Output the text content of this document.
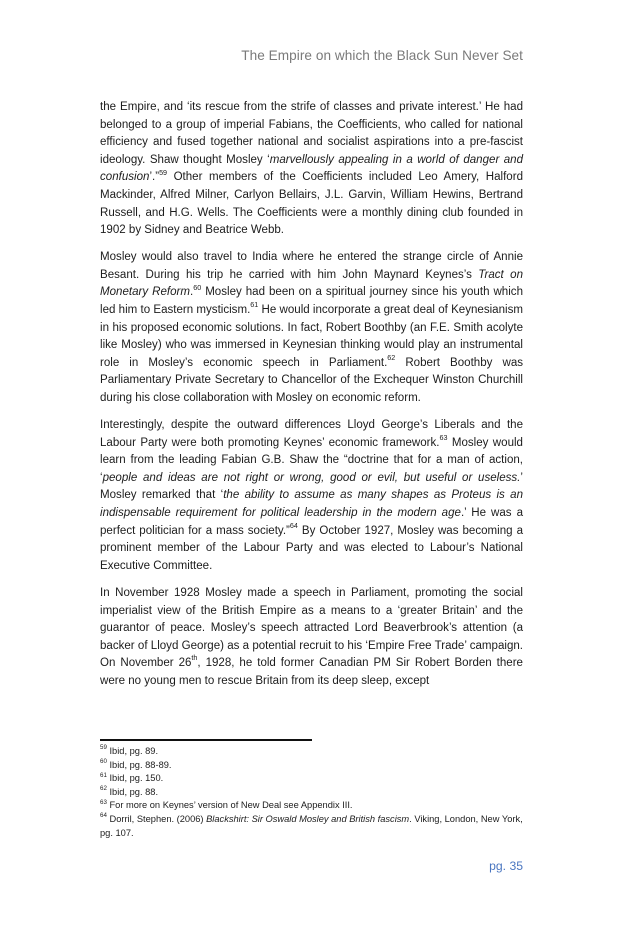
The Empire on which the Black Sun Never Set

the Empire, and ‘its rescue from the strife of classes and private interest.’ He had belonged to a group of imperial Fabians, the Coefficients, who called for national efficiency and fused together national and socialist aspirations into a pre-fascist ideology. Shaw thought Mosley ‘marvellously appealing in a world of danger and confusion’.”$^{59}$ Other members of the Coefficients included Leo Amery, Halford Mackinder, Alfred Milner, Carlyon Bellairs, J.L. Garvin, William Hewins, Bertrand Russell, and H.G. Wells. The Coefficients were a monthly dining club founded in 1902 by Sidney and Beatrice Webb.

Mosley would also travel to India where he entered the strange circle of Annie Besant. During his trip he carried with him John Maynard Keynes’s Tract on Monetary Reform.$^{60}$ Mosley had been on a spiritual journey since his youth which led him to Eastern mysticism.$^{61}$ He would incorporate a great deal of Keynesianism in his proposed economic solutions. In fact, Robert Boothby (an F.E. Smith acolyte like Mosley) who was immersed in Keynesian thinking would play an instrumental role in Mosley’s economic speech in Parliament.$^{62}$ Robert Boothby was Parliamentary Private Secretary to Chancellor of the Exchequer Winston Churchill during his close collaboration with Mosley on economic reform.

Interestingly, despite the outward differences Lloyd George’s Liberals and the Labour Party were both promoting Keynes’ economic framework.$^{63}$ Mosley would learn from the leading Fabian G.B. Shaw the “doctrine that for a man of action, ‘people and ideas are not right or wrong, good or evil, but useful or useless.’ Mosley remarked that ‘the ability to assume as many shapes as Proteus is an indispensable requirement for political leadership in the modern age.’ He was a perfect politician for a mass society.”$^{64}$ By October 1927, Mosley was becoming a prominent member of the Labour Party and was elected to Labour’s National Executive Committee.

In November 1928 Mosley made a speech in Parliament, promoting the social imperialist view of the British Empire as a means to a ‘greater Britain’ and the guarantor of peace. Mosley’s speech attracted Lord Beaverbrook’s attention (a backer of Lloyd George) as a potential recruit to his ‘Empire Free Trade’ campaign. On November 26th, 1928, he told former Canadian PM Sir Robert Borden there were no young men to rescue Britain from its deep sleep, except

$^{59}$ Ibid, pg. 89.
$^{60}$ Ibid, pg. 88-89.
$^{61}$ Ibid, pg. 150.
$^{62}$ Ibid, pg. 88.
$^{63}$ For more on Keynes’ version of New Deal see Appendix III.
$^{64}$ Dorril, Stephen. (2006) Blackshirt: Sir Oswald Mosley and British fascism. Viking, London, New York, pg. 107.
pg. 35
